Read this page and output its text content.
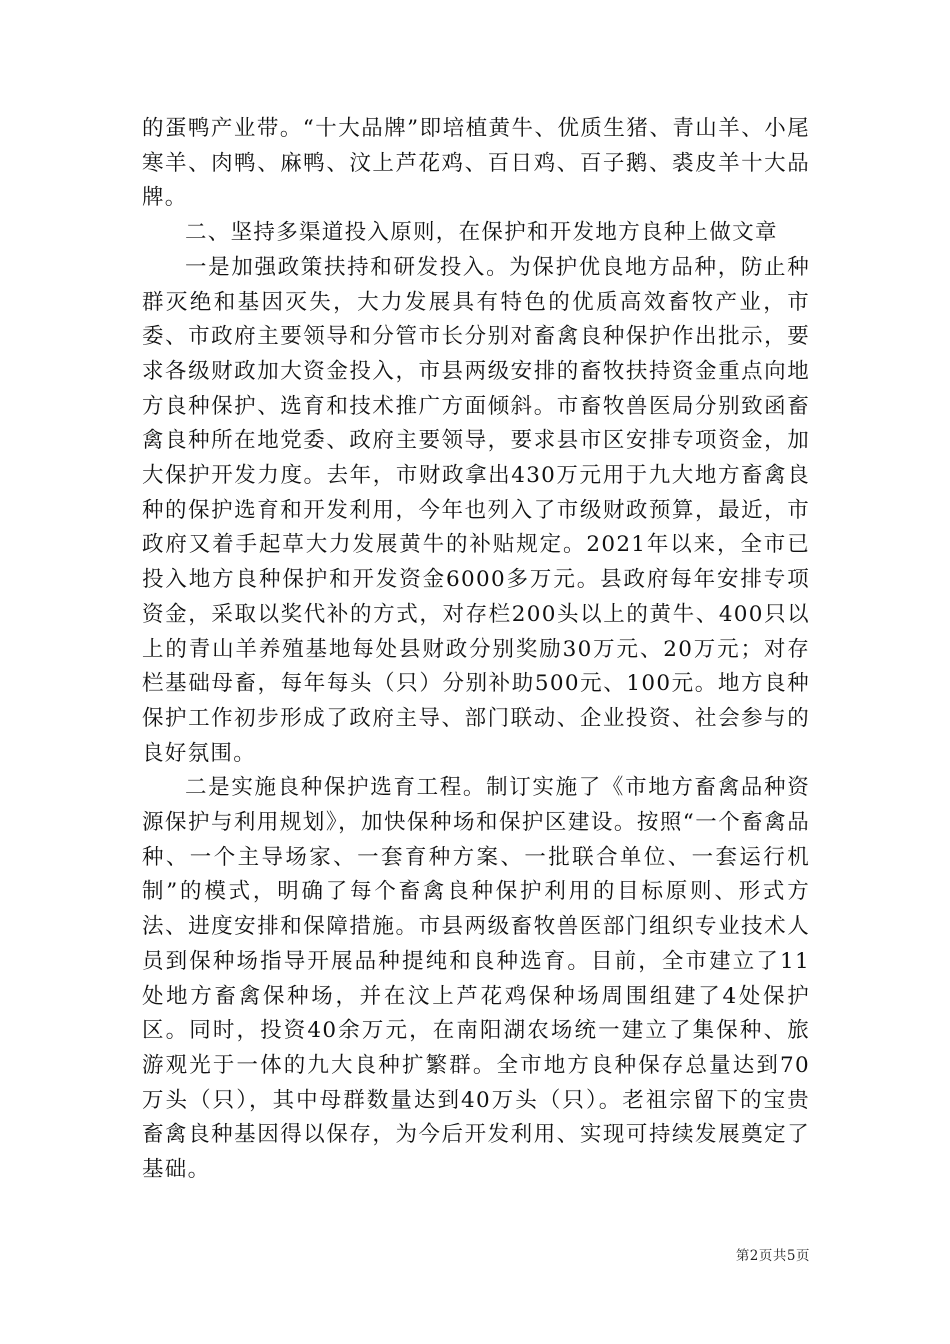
的蛋鸭产业带。“十大品牌”即培植黄牛、优质生猪、青山羊、小尾寒羊、肉鸭、麻鸭、汶上芦花鸡、百日鸡、百子鹅、裘皮羊十大品牌。

二、坚持多渠道投入原则，在保护和开发地方良种上做文章

一是加强政策扶持和研发投入。为保护优良地方品种，防止种群灭绝和基因灭失，大力发展具有特色的优质高效畜牧产业，市委、市政府主要领导和分管市长分别对畜禽良种保护作出批示，要求各级财政加大资金投入，市县两级安排的畜牧扶持资金重点向地方良种保护、选育和技术推广方面倾斜。市畜牧兽医局分别致函畜禽良种所在地党委、政府主要领导，要求县市区安排专项资金，加大保护开发力度。去年，市财政拿出430万元用于九大地方畜禽良种的保护选育和开发利用，今年也列入了市级财政预算，最近，市政府又着手起草大力发展黄牛的补贴规定。2021年以来，全市已投入地方良种保护和开发资金6000多万元。县政府每年安排专项资金，采取以奖代补的方式，对存栏200头以上的黄牛、400只以上的青山羊养殖基地每处县财政分别奖励30万元、20万元；对存栏基础母畜，每年每头（只）分别补助500元、100元。地方良种保护工作初步形成了政府主导、部门联动、企业投资、社会参与的良好氛围。

二是实施良种保护选育工程。制订实施了《市地方畜禽品种资源保护与利用规划》，加快保种场和保护区建设。按照“一个畜禽品种、一个主导场家、一套育种方案、一批联合单位、一套运行机制”的模式，明确了每个畜禽良种保护利用的目标原则、形式方法、进度安排和保障措施。市县两级畜牧兽医部门组织专业技术人员到保种场指导开展品种提纯和良种选育。目前，全市建立了11处地方畜禽保种场，并在汶上芦花鸡保种场周围组建了4处保护区。同时，投资40余万元，在南阳湖农场统一建立了集保种、旅游观光于一体的九大良种扩繁群。全市地方良种保存总量达到70万头（只），其中母群数量达到40万头（只）。老祖宗留下的宝贵畜禽良种基因得以保存，为今后开发利用、实现可持续发展奠定了基础。

第2页共5页
